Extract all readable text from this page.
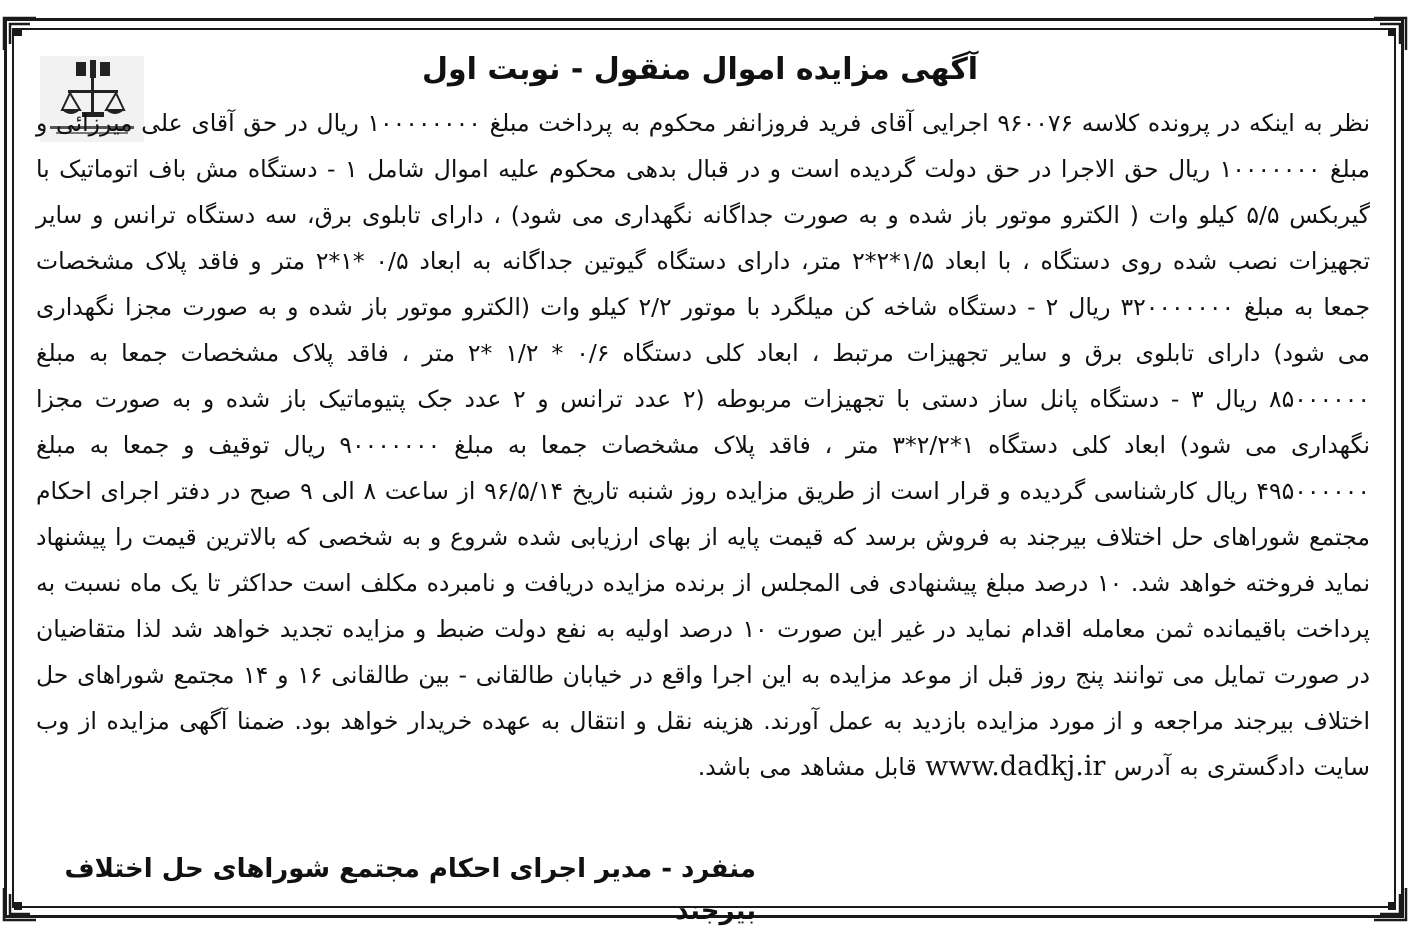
آگهی مزایده اموال منقول - نوبت اول

نظر به اینکه در پرونده کلاسه ۹۶۰۰۷۶ اجرایی آقای فرید فروزانفر محکوم به پرداخت مبلغ ۱۰۰۰۰۰۰۰۰ ریال در حق آقای علی میرزائی و مبلغ ۱۰۰۰۰۰۰۰ ریال حق الاجرا در حق دولت گردیده است و در قبال بدهی محکوم علیه اموال شامل ۱ - دستگاه مش باف اتوماتیک با گیربکس ۵/۵ کیلو وات ( الکترو موتور باز شده و به صورت جداگانه نگهداری می شود) ، دارای تابلوی برق، سه دستگاه ترانس و سایر تجهیزات نصب شده روی دستگاه ، با ابعاد ۱/۵*۲*۲ متر، دارای دستگاه گیوتین جداگانه به ابعاد ۰/۵ *۱*۲ متر و فاقد پلاک مشخصات جمعا به مبلغ ۳۲۰۰۰۰۰۰۰ ریال ۲ - دستگاه شاخه کن میلگرد با موتور ۲/۲ کیلو وات (الکترو موتور باز شده و به صورت مجزا نگهداری می شود) دارای تابلوی برق و سایر تجهیزات مرتبط ، ابعاد کلی دستگاه ۰/۶ * ۱/۲ *۲ متر ، فاقد پلاک مشخصات جمعا به مبلغ ۸۵۰۰۰۰۰۰ ریال ۳ - دستگاه پانل ساز دستی با تجهیزات مربوطه (۲ عدد ترانس و ۲ عدد جک پتیوماتیک باز شده و به صورت مجزا نگهداری می شود) ابعاد کلی دستگاه ۱*۲/۲*۳ متر ، فاقد پلاک مشخصات جمعا به مبلغ ۹۰۰۰۰۰۰۰ ریال توقیف و جمعا به مبلغ ۴۹۵۰۰۰۰۰۰ ریال کارشناسی گردیده و قرار است از طریق مزایده روز شنبه تاریخ ۹۶/۵/۱۴ از ساعت ۸ الی ۹ صبح در دفتر اجرای احکام مجتمع شوراهای حل اختلاف بیرجند به فروش برسد که قیمت پایه از بهای ارزیابی شده شروع و به شخصی که بالاترین قیمت را پیشنهاد نماید فروخته خواهد شد. ۱۰ درصد مبلغ پیشنهادی فی المجلس از برنده مزایده دریافت و نامبرده مکلف است حداکثر تا یک ماه نسبت به پرداخت باقیمانده ثمن معامله اقدام نماید در غیر این صورت ۱۰ درصد اولیه به نفع دولت ضبط و مزایده تجدید خواهد شد لذا متقاضیان در صورت تمایل می توانند پنج روز قبل از موعد مزایده به این اجرا واقع در خیابان طالقانی - بین طالقانی ۱۶ و ۱۴ مجتمع شوراهای حل اختلاف بیرجند مراجعه و از مورد مزایده بازدید به عمل آورند. هزینه نقل و انتقال به عهده خریدار خواهد بود. ضمنا آگهی مزایده از وب سایت دادگستری به آدرس www.dadkj.ir قابل مشاهد می باشد.

منفرد - مدیر اجرای احکام مجتمع شوراهای حل اختلاف بیرجند
